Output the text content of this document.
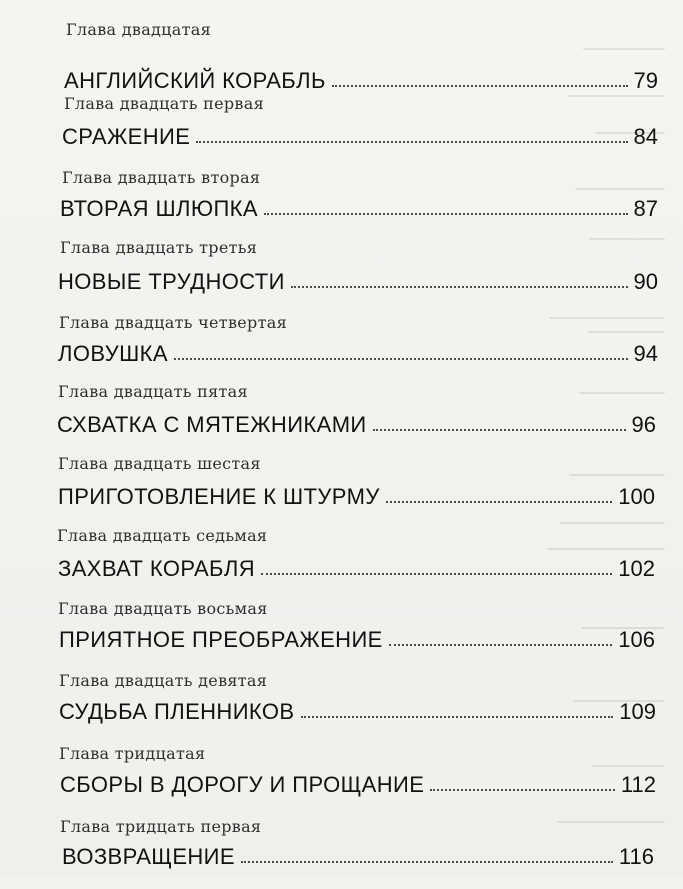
Глава двадцатая
АНГЛИЙСКИЙ КОРАБЛЬ	79
Глава двадцать первая
СРАЖЕНИЕ	84
Глава двадцать вторая
ВТОРАЯ ШЛЮПКА	87
Глава двадцать третья
НОВЫЕ ТРУДНОСТИ	90
Глава двадцать четвертая
ЛОВУШКА	94
Глава двадцать пятая
СХВАТКА С МЯТЕЖНИКАМИ	96
Глава двадцать шестая
ПРИГОТОВЛЕНИЕ К ШТУРМУ	100
Глава двадцать седьмая
ЗАХВАТ КОРАБЛЯ	102
Глава двадцать восьмая
ПРИЯТНОЕ ПРЕОБРАЖЕНИЕ	106
Глава двадцать девятая
СУДЬБА ПЛЕННИКОВ	109
Глава тридцатая
СБОРЫ В ДОРОГУ И ПРОЩАНИЕ	112
Глава тридцать первая
ВОЗВРАЩЕНИЕ	116
